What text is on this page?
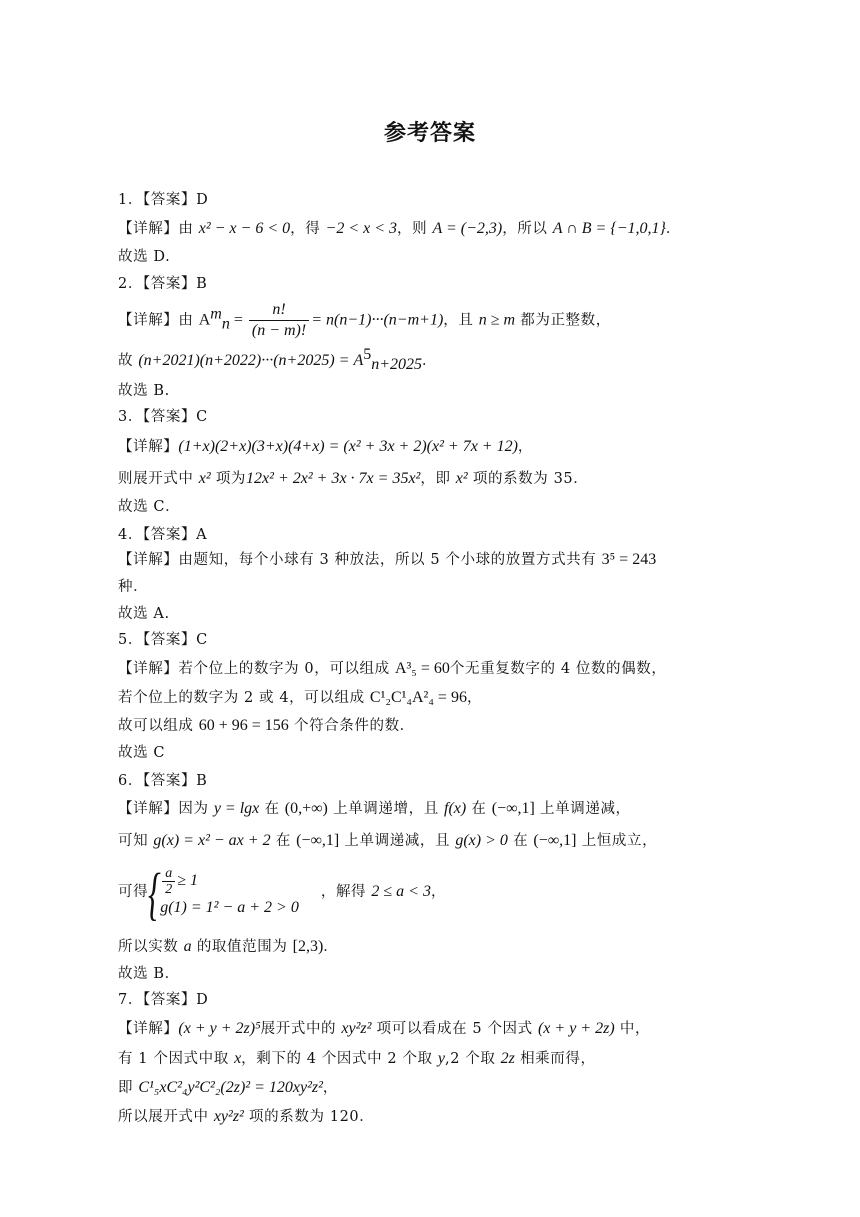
参考答案
1．【答案】D
【详解】由 x² − x − 6 < 0，得 −2 < x < 3，则 A = (−2,3)，所以 A ∩ B = {−1,0,1}．
故选 D.
2．【答案】B
【详解】由 $A^m_n = \frac{n!}{(n - m)!} = n(n-1)\cdot\cdot\cdot(n-m+1)$，且 n ≥ m 都为正整数，
故 $(n+2021)(n+2022)\cdot\cdot\cdot(n+2025) = A^5_{n+2025}$．
故选 B.
3．【答案】C
【详解】(1+x)(2+x)(3+x)(4+x) = (x² + 3x + 2)(x² + 7x + 12)，
则展开式中 x² 项为12x² + 2x² + 3x · 7x = 35x²，即 x² 项的系数为 35．
故选 C．
4．【答案】A
【详解】由题知，每个小球有 3 种放法，所以 5 个小球的放置方式共有 3⁵ = 243
种．
故选 A.
5．【答案】C
【详解】若个位上的数字为 0，可以组成 A³₅ = 60个无重复数字的 4 位数的偶数，
若个位上的数字为 2 或 4，可以组成 C¹₂C¹₄A²₄ = 96，
故可以组成 60 + 96 = 156 个符合条件的数．
故选 C
6．【答案】B
【详解】因为 y = lgx 在 (0,+∞) 上单调递增，且 f(x) 在 (−∞,1] 上单调递减，
可知 g(x) = x² − ax + 2 在 (−∞,1] 上单调递减，且 g(x) > 0 在 (−∞,1] 上恒成立，
可得 { $\frac{a}{2} \ge 1$
g(1) = 1² − a + 2 > 0
，解得 2 ≤ a < 3，
所以实数 a 的取值范围为 [2,3)．
故选 B．
7．【答案】D
【详解】(x + y + 2z)⁵展开式中的 xy²z² 项可以看成在 5 个因式 (x + y + 2z) 中，
有 1 个因式中取 x，剩下的 4 个因式中 2 个取 y,2 个取 2z 相乘而得，
即 C¹₅xC²₄y²C²₂(2z)² = 120xy²z²，
所以展开式中 xy²z² 项的系数为 120．
